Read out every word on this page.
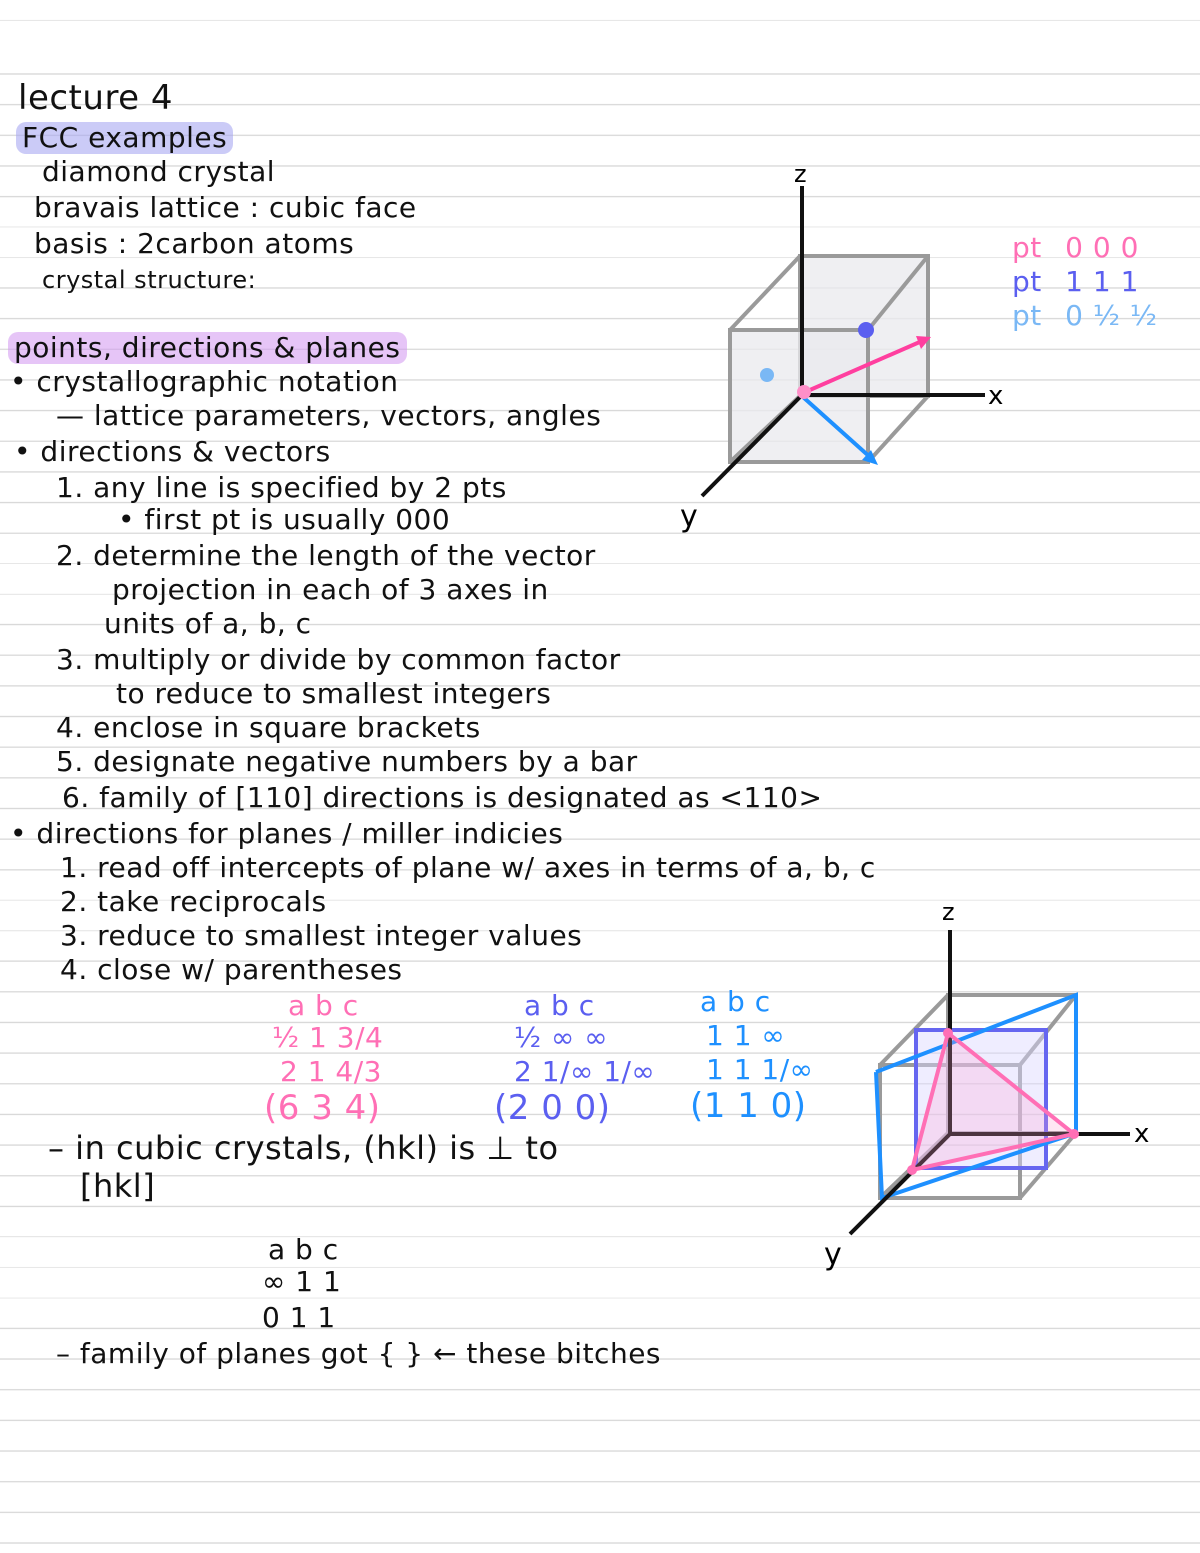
lecture 4
FCC examples
diamond crystal
bravais lattice : cubic face
basis : 2carbon atoms
crystal structure:
points, directions & planes
• crystallographic notation
— lattice parameters, vectors, angles
• directions & vectors
1. any line is specified by 2 pts
• first pt is usually 000
2. determine the length of the vector
projection in each of 3 axes in
units of a, b, c
3. multiply or divide by common factor
to reduce to smallest integers
4. enclose in square brackets
5. designate negative numbers by a bar
6. family of [110] directions is designated as <110>
• directions for planes / miller indicies
1. read off intercepts of plane w/ axes in terms of a, b, c
2. take reciprocals
3. reduce to smallest integer values
4. close w/ parentheses
pt 0 0 0
pt 1 1 1
pt 0 ½ ½
z
x
y
a b c
½ 1 3/4
2 1 4/3
(6 3 4)
a b c
½ ∞ ∞
2 1/∞ 1/∞
(2 0 0)
a b c
1 1 ∞
1 1 1/∞
(1 1 0)
z
x
y
– in cubic crystals, (hkl) is ⊥ to
[hkl]
a b c
∞ 1 1
0 1 1
– family of planes got { } ← these bitches
